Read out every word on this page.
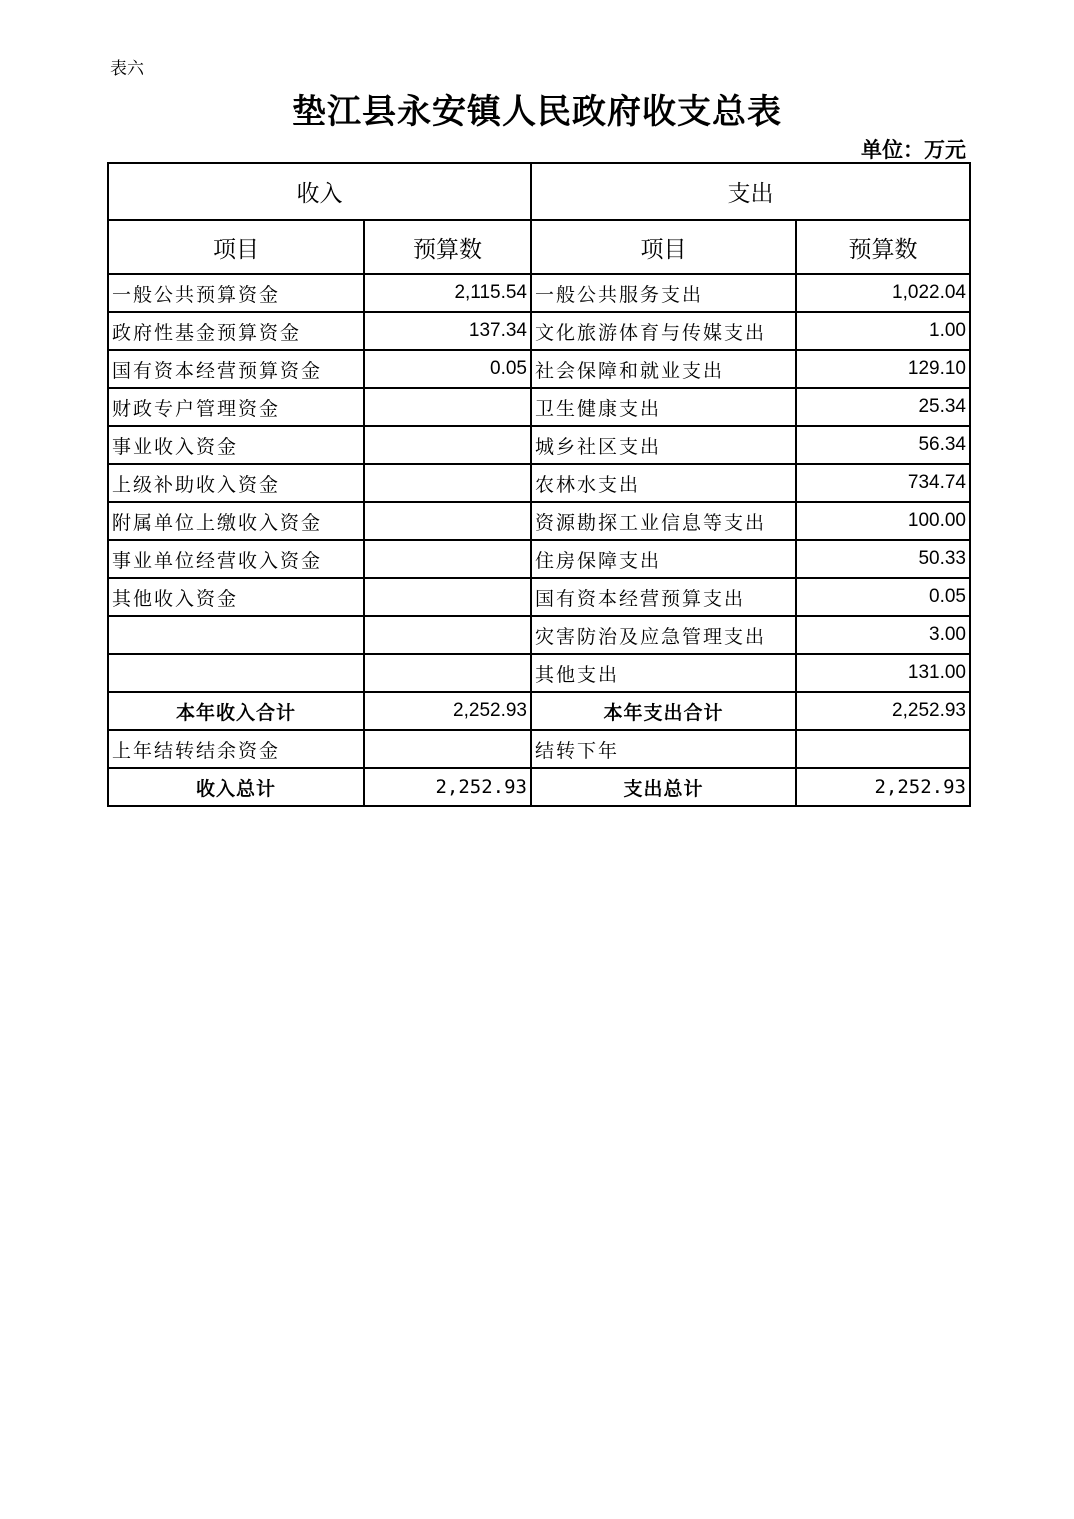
表六
垫江县永安镇人民政府收支总表
单位：万元
收入		支出	
项目	预算数	项目	预算数
一般公共预算资金	2,115.54	一般公共服务支出	1,022.04
政府性基金预算资金	137.34	文化旅游体育与传媒支出	1.00
国有资本经营预算资金	0.05	社会保障和就业支出	129.10
财政专户管理资金		卫生健康支出	25.34
事业收入资金		城乡社区支出	56.34
上级补助收入资金		农林水支出	734.74
附属单位上缴收入资金		资源勘探工业信息等支出	100.00
事业单位经营收入资金		住房保障支出	50.33
其他收入资金		国有资本经营预算支出	0.05
		灾害防治及应急管理支出	3.00
		其他支出	131.00
本年收入合计	2,252.93	本年支出合计	2,252.93
上年结转结余资金		结转下年	
收入总计	2,252.93	支出总计	2,252.93
